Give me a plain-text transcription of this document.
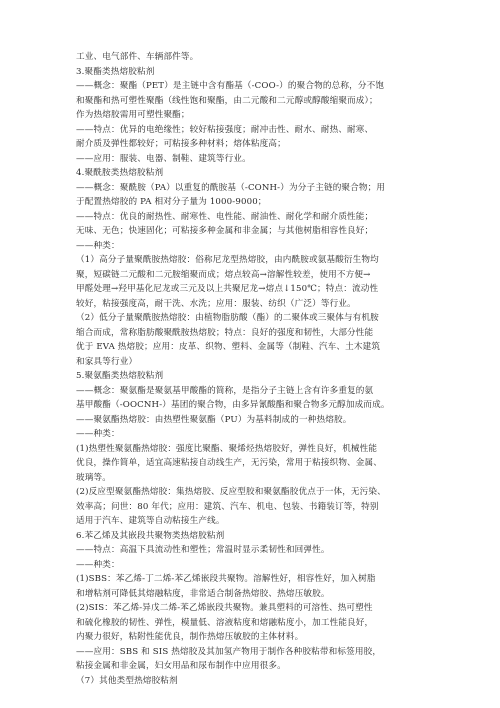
工业、电气部件、车辆部件等。
3.聚酯类热熔胶粘剂
——概念：聚酯（PET）是主链中含有酯基（-COO-）的聚合物的总称，分不饱
和聚酯和热可塑性聚酯（线性饱和聚酯，由二元酸和二元醇或醇酸缩聚而成）；
作为热熔胶需用可塑性聚酯；
——特点：优异的电绝缘性；较好粘接强度；耐冲击性、耐水、耐热、耐寒、
耐介质及弹性都较好；可粘接多种材料；熔体粘度高；
——应用：服装、电器、制鞋、建筑等行业。
4.聚酰胺类热熔胶粘剂
——概念：聚酰胺（PA）以重复的酰胺基（-CONH-）为分子主链的聚合物；用
于配置热熔胶的 PA 相对分子量为 1000-9000；
——特点：优良的耐热性、耐寒性、电性能、耐油性、耐化学和耐介质性能；
无味、无色；快速固化；可粘接多种金属和非金属；与其他树脂相容性良好；
——种类：
（1）高分子量聚酰胺热熔胶：俗称尼龙型热熔胶，由内酰胺或氨基酸衍生物均
聚，短碳链二元酸和二元胺缩聚而成；熔点较高→溶解性较差，使用不方便→
甲醛处理→羟甲基化尼龙或三元及以上共聚尼龙→熔点↓150℃；特点：流动性
较好，粘接强度高，耐干洗、水洗；应用：服装、纺织（广泛）等行业。
（2）低分子量聚酰胺热熔胶：由植物脂肪酸（酯）的二聚体或三聚体与有机胺
缩合而成，常称脂肪酸聚酰胺热熔胶；特点：良好的强度和韧性，大部分性能
优于 EVA 热熔胶；应用：皮革、织物、塑料、金属等（制鞋、汽车、土木建筑
和家具等行业）
5.聚氨酯类热熔胶粘剂
——概念：聚氨酯是聚氨基甲酸酯的简称，是指分子主链上含有许多重复的氨
基甲酸酯（-OOCNH-）基团的聚合物，由多异氰酸酯和聚合物多元醇加成而成。
——聚氨酯热熔胶：由热塑性聚氨酯（PU）为基料制成的一种热熔胶。
——种类：
(1)热塑性聚氨酯热熔胶：强度比聚酯、聚烯烃热熔胶好，弹性良好，机械性能
优良，操作简单，适宜高速粘接自动线生产，无污染，常用于粘接织物、金属、
玻璃等。
(2)反应型聚氨酯热熔胶：集热熔胶、反应型胶和聚氨酯胶优点于一体，无污染、
效率高；问世：80 年代；应用：建筑、汽车、机电、包装、书籍装订等，特别
适用于汽车、建筑等自动粘接生产线。
6.苯乙烯及其嵌段共聚物类热熔胶粘剂
——特点：高温下具流动性和塑性；常温时显示柔韧性和回弹性。
——种类：
(1)SBS：苯乙烯-丁二烯-苯乙烯嵌段共聚物。溶解性好，相容性好，加入树脂
和增粘剂可降低其熔融粘度，非常适合制备热熔胶、热熔压敏胶。
(2)SIS：苯乙烯-异戊二烯-苯乙烯嵌段共聚物。兼具塑料的可溶性、热可塑性
和硫化橡胶的韧性、弹性，模量低、溶液粘度和熔融粘度小，加工性能良好，
内聚力很好，粘附性能优良，制作热熔压敏胶的主体材料。
——应用：SBS 和 SIS 热熔胶及其加氢产物用于制作各种胶粘带和标签用胶，
粘接金属和非金属，妇女用品和尿布制作中应用很多。
（7）其他类型热熔胶粘剂
